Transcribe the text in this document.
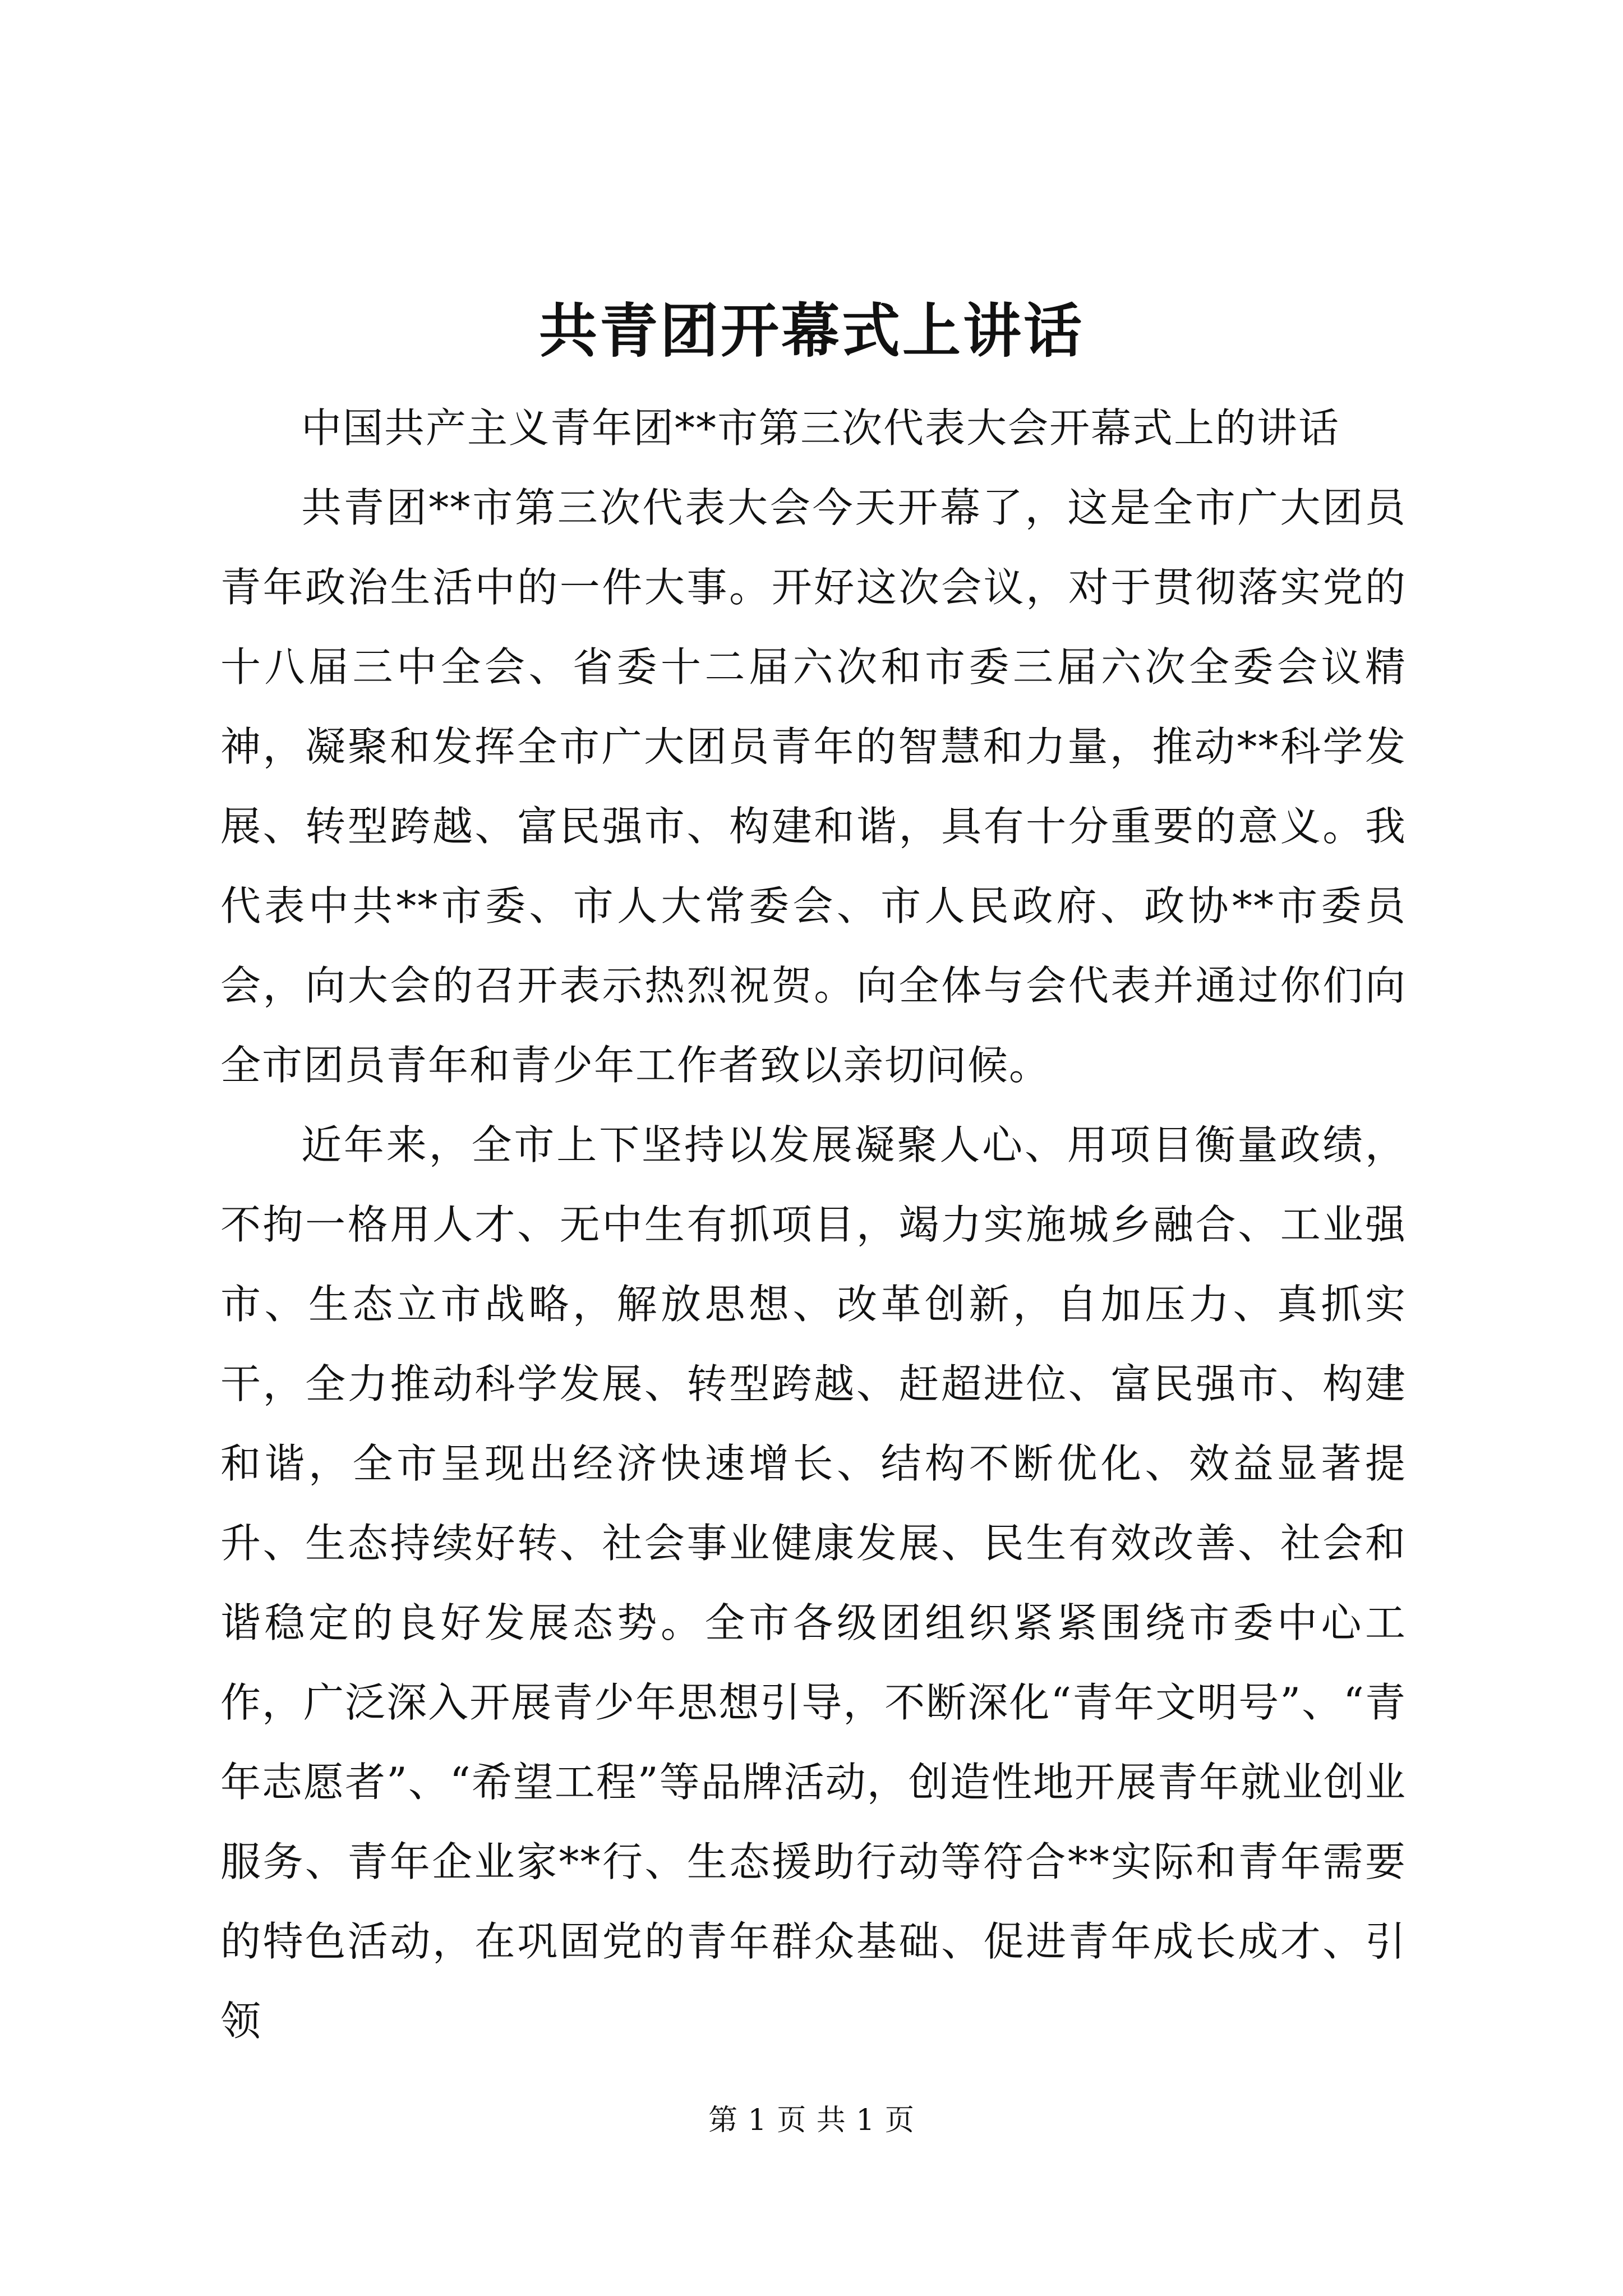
共青团开幕式上讲话

中国共产主义青年团**市第三次代表大会开幕式上的讲话

共青团**市第三次代表大会今天开幕了，这是全市广大团员青年政治生活中的一件大事。开好这次会议，对于贯彻落实党的十八届三中全会、省委十二届六次和市委三届六次全委会议精神，凝聚和发挥全市广大团员青年的智慧和力量，推动**科学发展、转型跨越、富民强市、构建和谐，具有十分重要的意义。我代表中共**市委、市人大常委会、市人民政府、政协**市委员会，向大会的召开表示热烈祝贺。向全体与会代表并通过你们向全市团员青年和青少年工作者致以亲切问候。

近年来，全市上下坚持以发展凝聚人心、用项目衡量政绩，不拘一格用人才、无中生有抓项目，竭力实施城乡融合、工业强市、生态立市战略，解放思想、改革创新，自加压力、真抓实干，全力推动科学发展、转型跨越、赶超进位、富民强市、构建和谐，全市呈现出经济快速增长、结构不断优化、效益显著提升、生态持续好转、社会事业健康发展、民生有效改善、社会和谐稳定的良好发展态势。全市各级团组织紧紧围绕市委中心工作，广泛深入开展青少年思想引导，不断深化“青年文明号”、“青年志愿者”、“希望工程”等品牌活动，创造性地开展青年就业创业服务、青年企业家**行、生态援助行动等符合**实际和青年需要的特色活动，在巩固党的青年群众基础、促进青年成长成才、引领

第 1 页 共 1 页
